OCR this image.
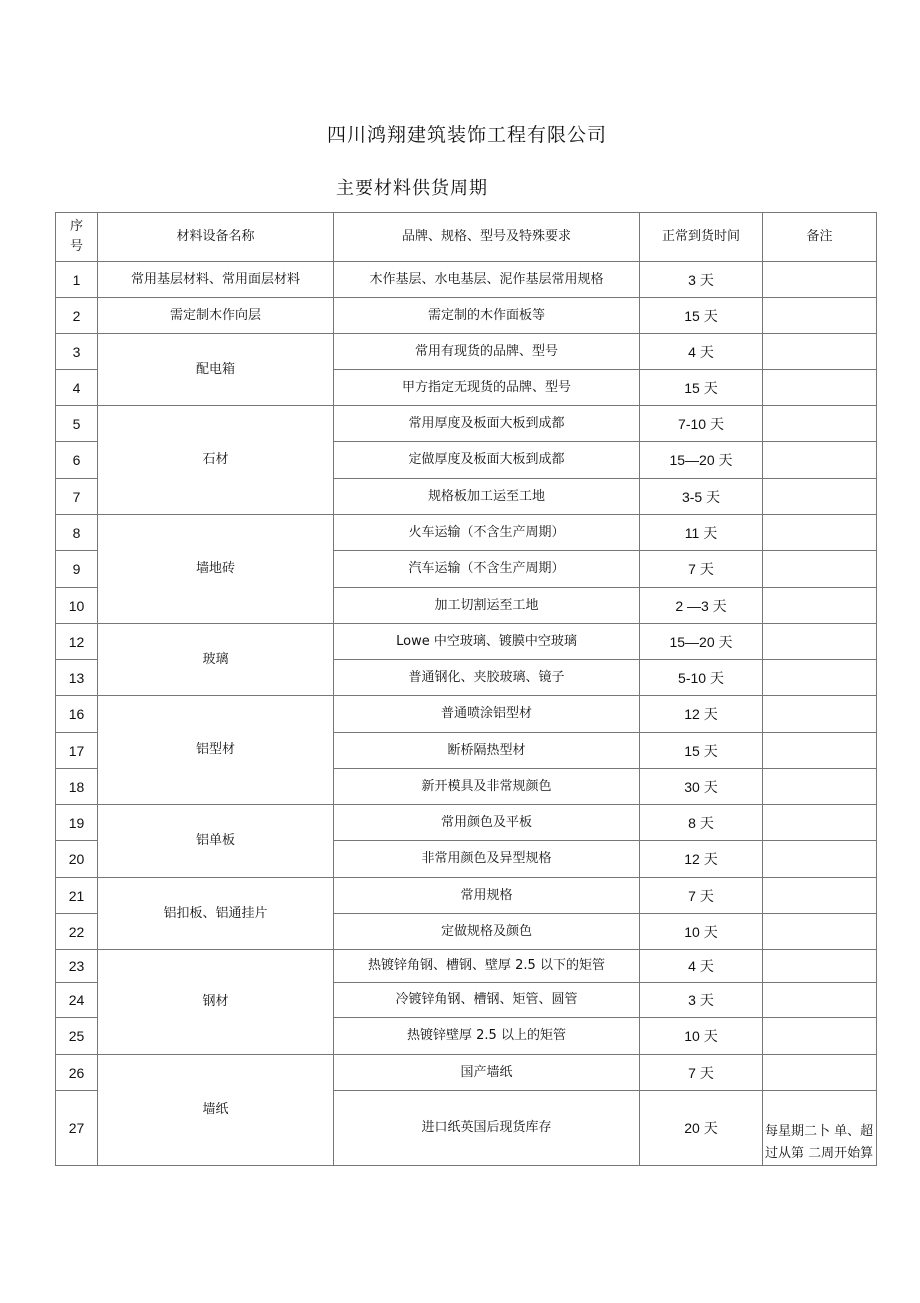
四川鸿翔建筑装饰工程有限公司
主要材料供货周期
序号	材料设备名称	品牌、规格、型号及特殊要求	正常到货时间	备注
1	常用基层材料、常用面层材料	木作基层、水电基层、泥作基层常用规格	3 天	
2	需定制木作向层	需定制的木作面板等	15 天	
3	配电箱	常用有现货的品牌、型号	4 天	
4		甲方指定无现货的品牌、型号	15 天	
5	石材	常用厚度及板面大板到成都	7-10 天	
6		定做厚度及板面大板到成都	15—20 天	
7		规格板加工运至工地	3-5 天	
8	墙地砖	火车运输（不含生产周期）	11 天	
9		汽车运输（不含生产周期）	7 天	
10		加工切割运至工地	2 —3 天	
12	玻璃	Lowe 中空玻璃、镀膜中空玻璃	15—20 天	
13		普通钢化、夹胶玻璃、镜子	5-10 天	
16	铝型材	普通喷涂铝型材	12 天	
17		断桥隔热型材	15 天	
18		新开模具及非常规颜色	30 天	
19	铝单板	常用颜色及平板	8 天	
20		非常用颜色及异型规格	12 天	
21	铝扣板、铝通挂片	常用规格	7 天	
22		定做规格及颜色	10 天	
23	钢材	热镀锌角钢、槽钢、壁厚 2.5 以下的矩管	4 天	
24		冷镀锌角钢、槽钢、矩管、圆管	3 天	
25		热镀锌壁厚 2.5 以上的矩管	10 天	
26	墙纸	国产墙纸	7 天	
27		进口纸英国后现货库存	20 天	每星期二卜 单、超过从第 二周开始算
